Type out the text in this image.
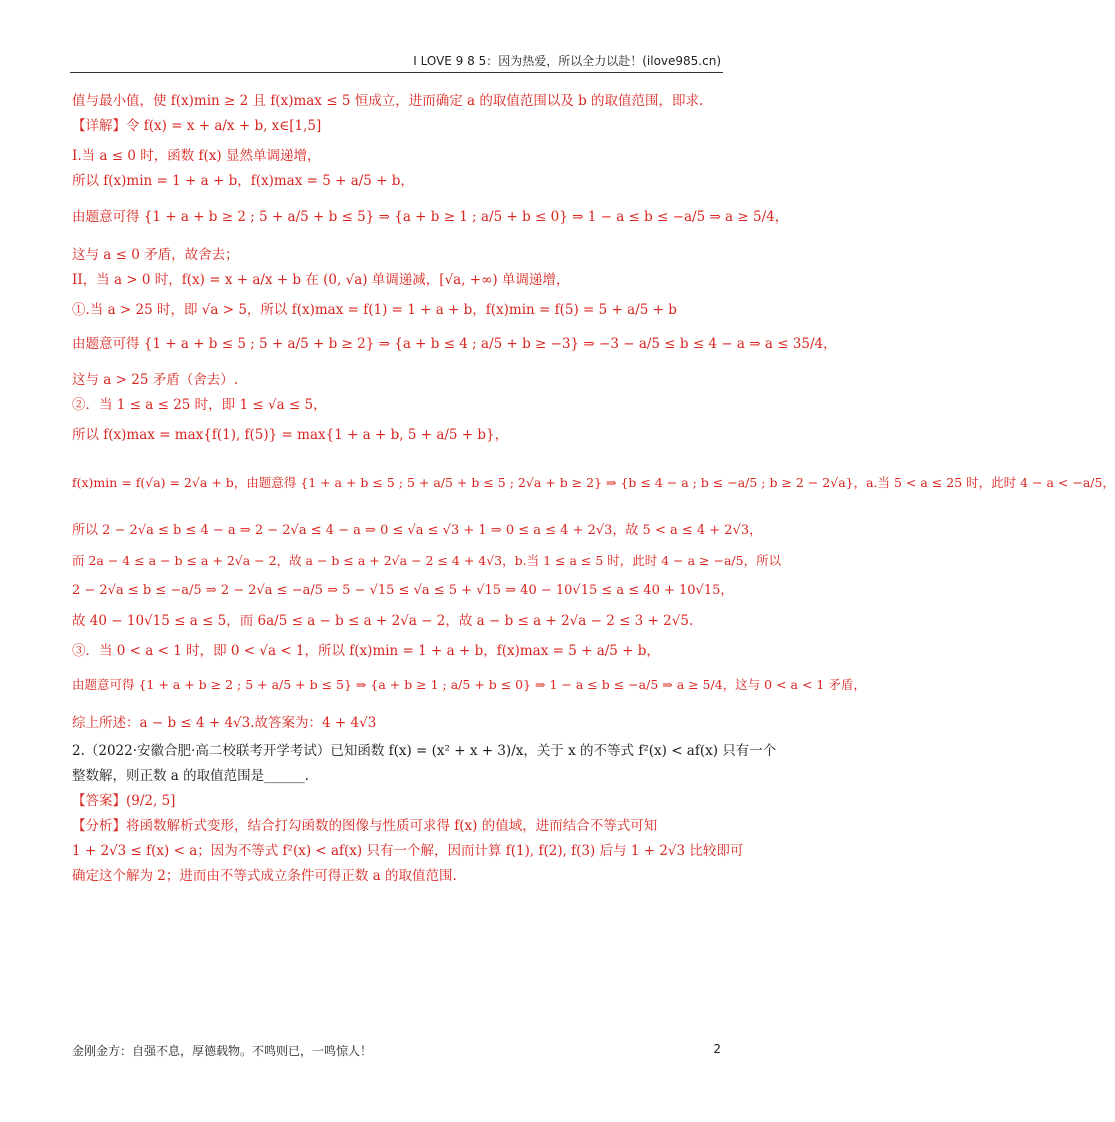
I LOVE 9 8 5：因为热爱，所以全力以赴！(ilove985.cn)
值与最小值，使 f(x)min ≥ 2 且 f(x)max ≤ 5 恒成立，进而确定 a 的取值范围以及 b 的取值范围，即求.
【详解】令 f(x) = x + a/x + b, x∈[1,5]
I.当 a ≤ 0 时，函数 f(x) 显然单调递增，
所以 f(x)min = 1 + a + b，f(x)max = 5 + a/5 + b，
由题意可得 {1 + a + b ≥ 2 ; 5 + a/5 + b ≤ 5} ⇒ {a + b ≥ 1 ; a/5 + b ≤ 0} ⇒ 1 − a ≤ b ≤ −a/5 ⇒ a ≥ 5/4，
这与 a ≤ 0 矛盾，故舍去；
II，当 a > 0 时，f(x) = x + a/x + b 在 (0, √a) 单调递减，[√a, +∞) 单调递增，
①.当 a > 25 时，即 √a > 5，所以 f(x)max = f(1) = 1 + a + b，f(x)min = f(5) = 5 + a/5 + b
由题意可得 {1 + a + b ≤ 5 ; 5 + a/5 + b ≥ 2} ⇒ {a + b ≤ 4 ; a/5 + b ≥ −3} ⇒ −3 − a/5 ≤ b ≤ 4 − a ⇒ a ≤ 35/4，
这与 a > 25 矛盾（舍去）.
②．当 1 ≤ a ≤ 25 时，即 1 ≤ √a ≤ 5，
所以 f(x)max = max{f(1), f(5)} = max{1 + a + b, 5 + a/5 + b}，
f(x)min = f(√a) = 2√a + b，由题意得 {1 + a + b ≤ 5 ; 5 + a/5 + b ≤ 5 ; 2√a + b ≥ 2} ⇒ {b ≤ 4 − a ; b ≤ −a/5 ; b ≥ 2 − 2√a}，a.当 5 < a ≤ 25 时，此时 4 − a < −a/5，
所以 2 − 2√a ≤ b ≤ 4 − a ⇒ 2 − 2√a ≤ 4 − a ⇒ 0 ≤ √a ≤ √3 + 1 ⇒ 0 ≤ a ≤ 4 + 2√3，故 5 < a ≤ 4 + 2√3，
而 2a − 4 ≤ a − b ≤ a + 2√a − 2，故 a − b ≤ a + 2√a − 2 ≤ 4 + 4√3，b.当 1 ≤ a ≤ 5 时，此时 4 − a ≥ −a/5，所以
2 − 2√a ≤ b ≤ −a/5 ⇒ 2 − 2√a ≤ −a/5 ⇒ 5 − √15 ≤ √a ≤ 5 + √15 ⇒ 40 − 10√15 ≤ a ≤ 40 + 10√15，
故 40 − 10√15 ≤ a ≤ 5，而 6a/5 ≤ a − b ≤ a + 2√a − 2，故 a − b ≤ a + 2√a − 2 ≤ 3 + 2√5.
③．当 0 < a < 1 时，即 0 < √a < 1，所以 f(x)min = 1 + a + b，f(x)max = 5 + a/5 + b，
由题意可得 {1 + a + b ≥ 2 ; 5 + a/5 + b ≤ 5} ⇒ {a + b ≥ 1 ; a/5 + b ≤ 0} ⇒ 1 − a ≤ b ≤ −a/5 ⇒ a ≥ 5/4，这与 0 < a < 1 矛盾，
综上所述：a − b ≤ 4 + 4√3.故答案为：4 + 4√3
2.（2022·安徽合肥·高二校联考开学考试）已知函数 f(x) = (x² + x + 3)/x，关于 x 的不等式 f²(x) < af(x) 只有一个
整数解，则正数 a 的取值范围是______.
【答案】(9/2, 5]
【分析】将函数解析式变形，结合打勾函数的图像与性质可求得 f(x) 的值域，进而结合不等式可知
1 + 2√3 ≤ f(x) < a；因为不等式 f²(x) < af(x) 只有一个解，因而计算 f(1), f(2), f(3) 后与 1 + 2√3 比较即可
确定这个解为 2；进而由不等式成立条件可得正数 a 的取值范围.
金刚金方：自强不息，厚德载物。不鸣则已，一鸣惊人！	2
